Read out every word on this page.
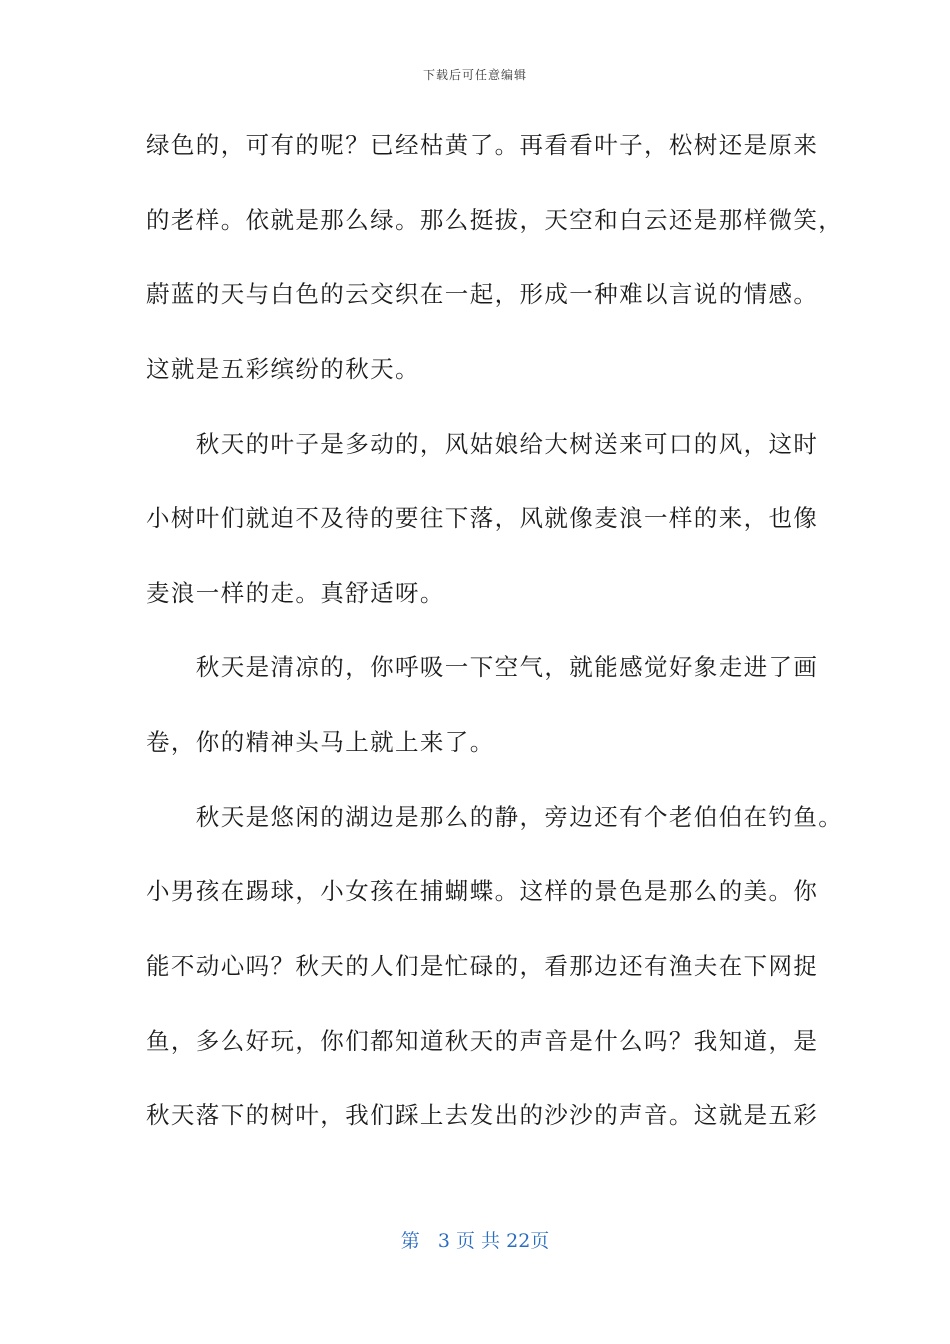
下载后可任意编辑
绿色的，可有的呢？已经枯黄了。再看看叶子，松树还是原来
的老样。依就是那么绿。那么挺拔，天空和白云还是那样微笑，
蔚蓝的天与白色的云交织在一起，形成一种难以言说的情感。
这就是五彩缤纷的秋天。
　　秋天的叶子是多动的，风姑娘给大树送来可口的风，这时
小树叶们就迫不及待的要往下落，风就像麦浪一样的来，也像
麦浪一样的走。真舒适呀。
　　秋天是清凉的，你呼吸一下空气，就能感觉好象走进了画
卷，你的精神头马上就上来了。
　　秋天是悠闲的湖边是那么的静，旁边还有个老伯伯在钓鱼。
小男孩在踢球，小女孩在捕蝴蝶。这样的景色是那么的美。你
能不动心吗？秋天的人们是忙碌的，看那边还有渔夫在下网捉
鱼，多么好玩，你们都知道秋天的声音是什么吗？我知道，是
秋天落下的树叶，我们踩上去发出的沙沙的声音。这就是五彩
第 3 页 共 22页
